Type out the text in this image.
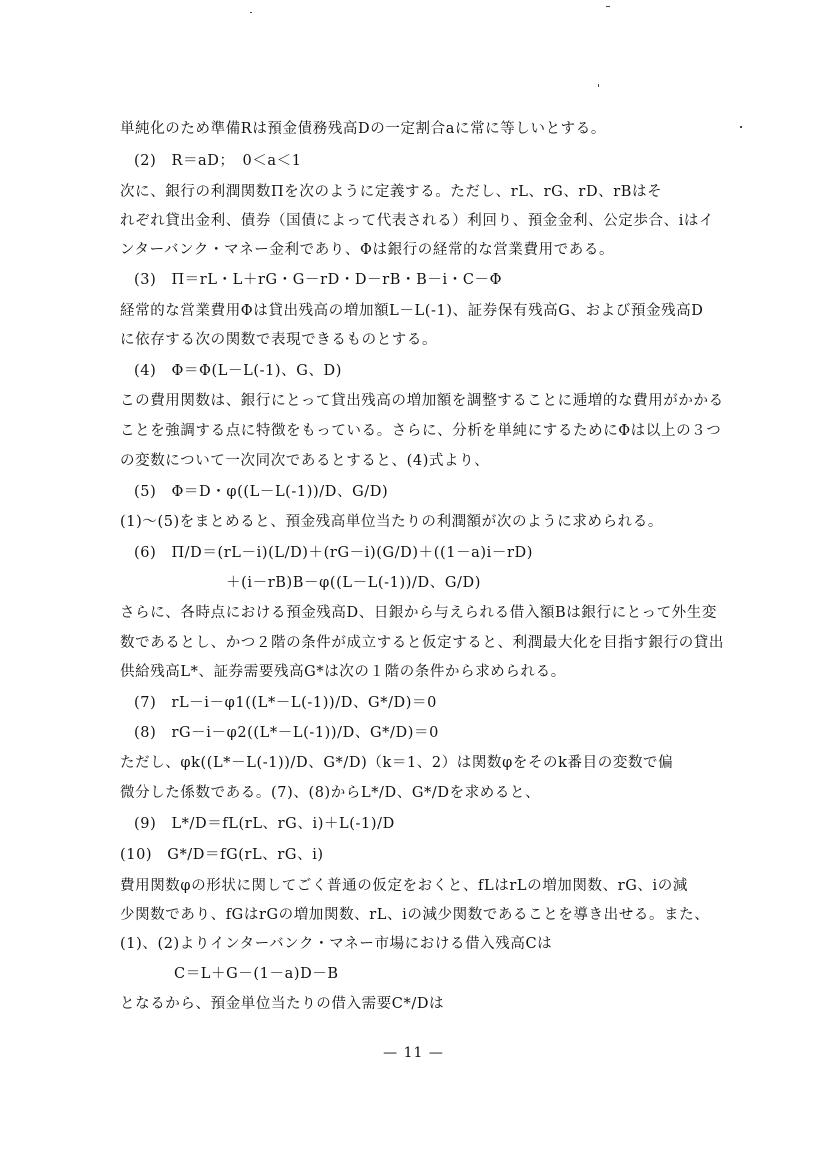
単純化のため準備Rは預金債務残高Dの一定割合aに常に等しいとする。
(2)　R＝aD；　0＜a＜1
次に、銀行の利潤関数Πを次のように定義する。ただし、rL、rG、rD、rBはそ
れぞれ貸出金利、債券（国債によって代表される）利回り、預金金利、公定歩合、iはイ
ンターバンク・マネー金利であり、Φは銀行の経常的な営業費用である。
(3)　Π＝rL・L＋rG・G－rD・D－rB・B－i・C－Φ
経常的な営業費用Φは貸出残高の増加額L－L(-1)、証券保有残高G、および預金残高D
に依存する次の関数で表現できるものとする。
(4)　Φ＝Φ(L－L(-1)、G、D)
この費用関数は、銀行にとって貸出残高の増加額を調整することに逓増的な費用がかかる
ことを強調する点に特徴をもっている。さらに、分析を単純にするためにΦは以上の３つ
の変数について一次同次であるとすると、(4)式より、
(5)　Φ＝D・φ((L－L(-1))/D、G/D)
(1)～(5)をまとめると、預金残高単位当たりの利潤額が次のように求められる。
(6)　Π/D＝(rL－i)(L/D)＋(rG－i)(G/D)＋((1－a)i－rD)
＋(i－rB)B－φ((L－L(-1))/D、G/D)
さらに、各時点における預金残高D、日銀から与えられる借入額Bは銀行にとって外生変
数であるとし、かつ２階の条件が成立すると仮定すると、利潤最大化を目指す銀行の貸出
供給残高L*、証券需要残高G*は次の１階の条件から求められる。
(7)　rL－i－φ1((L*－L(-1))/D、G*/D)＝0
(8)　rG－i－φ2((L*－L(-1))/D、G*/D)＝0
ただし、φk((L*－L(-1))/D、G*/D)（k＝1、2）は関数φをそのk番目の変数で偏
微分した係数である。(7)、(8)からL*/D、G*/Dを求めると、
(9)　L*/D＝fL(rL、rG、i)＋L(-1)/D
(10)　G*/D＝fG(rL、rG、i)
費用関数φの形状に関してごく普通の仮定をおくと、fLはrLの増加関数、rG、iの減
少関数であり、fGはrGの増加関数、rL、iの減少関数であることを導き出せる。また、
(1)、(2)よりインターバンク・マネー市場における借入残高Cは
C＝L＋G－(1－a)D－B
となるから、預金単位当たりの借入需要C*/Dは
— 11 —
